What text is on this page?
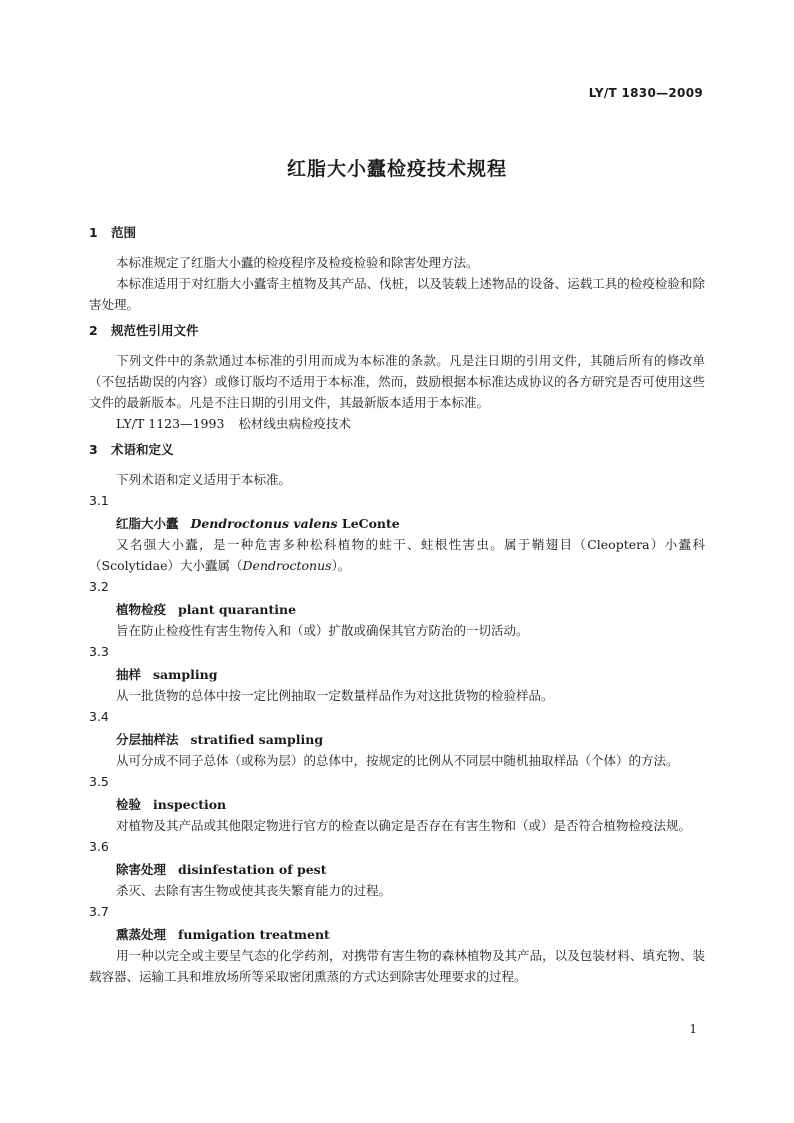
LY/T 1830—2009
红脂大小蠹检疫技术规程
1 范围
本标准规定了红脂大小蠹的检疫程序及检疫检验和除害处理方法。
本标准适用于对红脂大小蠹寄主植物及其产品、伐桩，以及装载上述物品的设备、运载工具的检疫检验和除害处理。
2 规范性引用文件
下列文件中的条款通过本标准的引用而成为本标准的条款。凡是注日期的引用文件，其随后所有的修改单（不包括勘误的内容）或修订版均不适用于本标准，然而，鼓励根据本标准达成协议的各方研究是否可使用这些文件的最新版本。凡是不注日期的引用文件，其最新版本适用于本标准。
LY/T 1123—1993 松材线虫病检疫技术
3 术语和定义
下列术语和定义适用于本标准。
3.1
红脂大小蠹 Dendroctonus valens LeConte
又名强大小蠹，是一种危害多种松科植物的蛀干、蛀根性害虫。属于鞘翅目（Cleoptera）小蠹科（Scolytidae）大小蠹属（Dendroctonus）。
3.2
植物检疫 plant quarantine
旨在防止检疫性有害生物传入和（或）扩散或确保其官方防治的一切活动。
3.3
抽样 sampling
从一批货物的总体中按一定比例抽取一定数量样品作为对这批货物的检验样品。
3.4
分层抽样法 stratified sampling
从可分成不同子总体（或称为层）的总体中，按规定的比例从不同层中随机抽取样品（个体）的方法。
3.5
检验 inspection
对植物及其产品或其他限定物进行官方的检查以确定是否存在有害生物和（或）是否符合植物检疫法规。
3.6
除害处理 disinfestation of pest
杀灭、去除有害生物或使其丧失繁育能力的过程。
3.7
熏蒸处理 fumigation treatment
用一种以完全或主要呈气态的化学药剂，对携带有害生物的森林植物及其产品，以及包装材料、填充物、装载容器、运输工具和堆放场所等采取密闭熏蒸的方式达到除害处理要求的过程。
1
